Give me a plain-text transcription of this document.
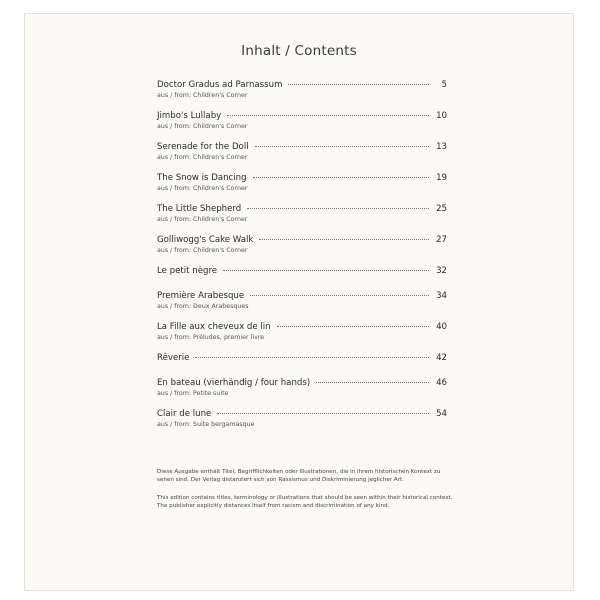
Inhalt / Contents
Doctor Gradus ad Parnassum	5
aus / from: Children's Corner
Jimbo's Lullaby	10
aus / from: Children's Corner
Serenade for the Doll	13
aus / from: Children's Corner
The Snow is Dancing	19
aus / from: Children's Corner
The Little Shepherd	25
aus / from: Children's Corner
Golliwogg's Cake Walk	27
aus / from: Children's Corner
Le petit nègre	32
Première Arabesque	34
aus / from: Deux Arabesques
La Fille aux cheveux de lin	40
aus / from: Préludes, premier livre
Rêverie	42
En bateau (vierhändig / four hands)	46
aus / from: Petite suite
Clair de lune	54
aus / from: Suite bergamasque

Diese Ausgabe enthält Titel, Begrifflichkeiten oder Illustrationen, die in ihrem historischen Kontext zu sehen sind. Der Verlag distanziert sich von Rassismus und Diskriminierung jeglicher Art.

This edition contains titles, terminology or illustrations that should be seen within their historical context. The publisher explicitly distances itself from racism and discrimination of any kind.
